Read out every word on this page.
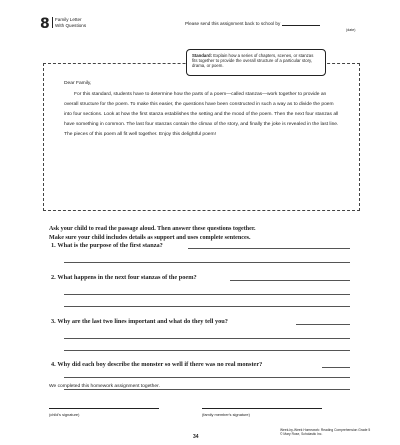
8 Family Letter
With Questions	Please send this assignment back to school by
(date)
Standard: Explain how a series of chapters, scenes, or stanzas fits together to provide the overall structure of a particular story, drama, or poem.
Dear Family,
For this standard, students have to determine how the parts of a poem—called stanzas—work together to provide an overall structure for the poem. To make this easier, the questions have been constructed in such a way as to divide the poem into four sections. Look at how the first stanza establishes the setting and the mood of the poem. Then the next four stanzas all have something in common. The last four stanzas contain the climax of the story, and finally the joke is revealed in the last line. The pieces of this poem all fit well together. Enjoy this delightful poem!
Ask your child to read the passage aloud. Then answer these questions together.
Make sure your child includes details as support and uses complete sentences.
1. What is the purpose of the first stanza?
2. What happens in the next four stanzas of the poem?
3. Why are the last two lines important and what do they tell you?
4. Why did each boy describe the monster so well if there was no real monster?
We completed this homework assignment together.
(child's signature)	(family member's signature)
34
Week-by-Week Homework: Reading Comprehension Grade 5
© Mary Rose, Scholastic Inc.
